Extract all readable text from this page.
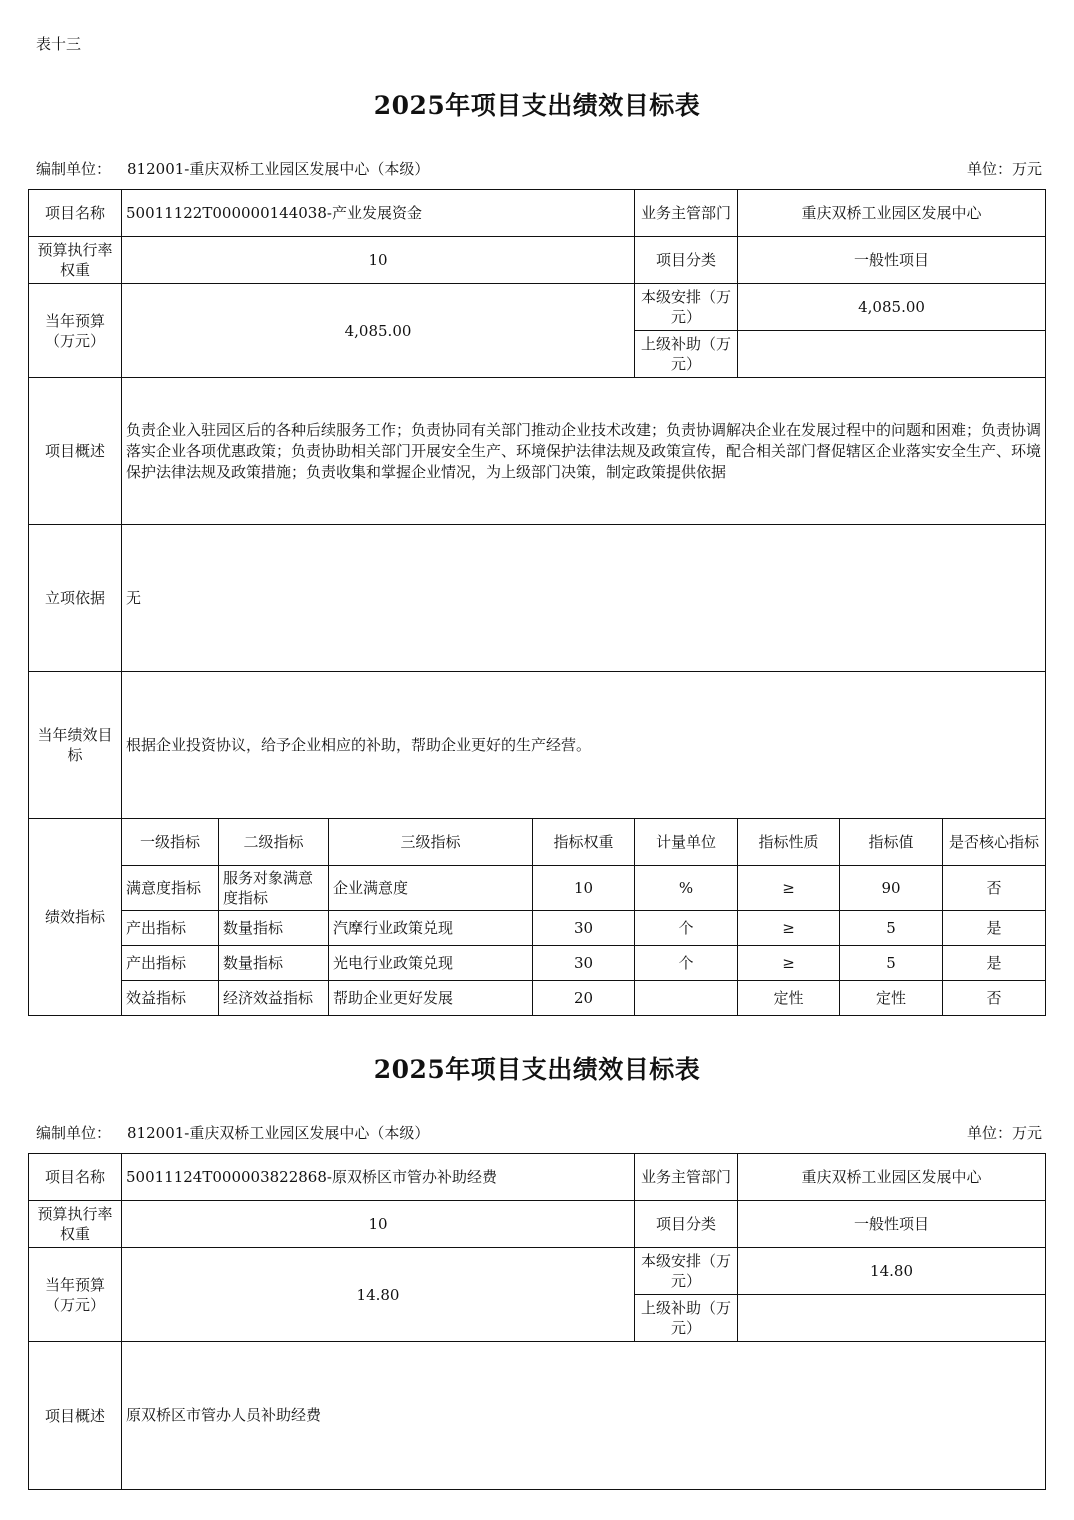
表十三
2025年项目支出绩效目标表
编制单位： 812001-重庆双桥工业园区发展中心（本级）	单位：万元
项目名称	50011122T000000144038-产业发展资金				业务主管部门	重庆双桥工业园区发展中心		
预算执行率权重	10				项目分类	一般性项目		
当年预算（万元）	4,085.00				本级安排（万元）	4,085.00		
					上级补助（万元）			
项目概述	负责企业入驻园区后的各种后续服务工作；负责协同有关部门推动企业技术改建；负责协调解决企业在发展过程中的问题和困难；负责协调落实企业各项优惠政策；负责协助相关部门开展安全生产、环境保护法律法规及政策宣传，配合相关部门督促辖区企业落实安全生产、环境保护法律法规及政策措施；负责收集和掌握企业情况，为上级部门决策，制定政策提供依据							
立项依据	无							
当年绩效目标	根据企业投资协议，给予企业相应的补助，帮助企业更好的生产经营。							
绩效指标	一级指标	二级指标	三级指标	指标权重	计量单位	指标性质	指标值	是否核心指标
	满意度指标	服务对象满意度指标	企业满意度	10	%	≥	90	否
	产出指标	数量指标	汽摩行业政策兑现	30	个	≥	5	是
	产出指标	数量指标	光电行业政策兑现	30	个	≥	5	是
	效益指标	经济效益指标	帮助企业更好发展	20		定性	定性	否
2025年项目支出绩效目标表
编制单位： 812001-重庆双桥工业园区发展中心（本级）	单位：万元
项目名称	50011124T000003822868-原双桥区市管办补助经费	业务主管部门	重庆双桥工业园区发展中心
预算执行率权重	10	项目分类	一般性项目
当年预算（万元）	14.80	本级安排（万元）	14.80
		上级补助（万元）	
项目概述	原双桥区市管办人员补助经费		
